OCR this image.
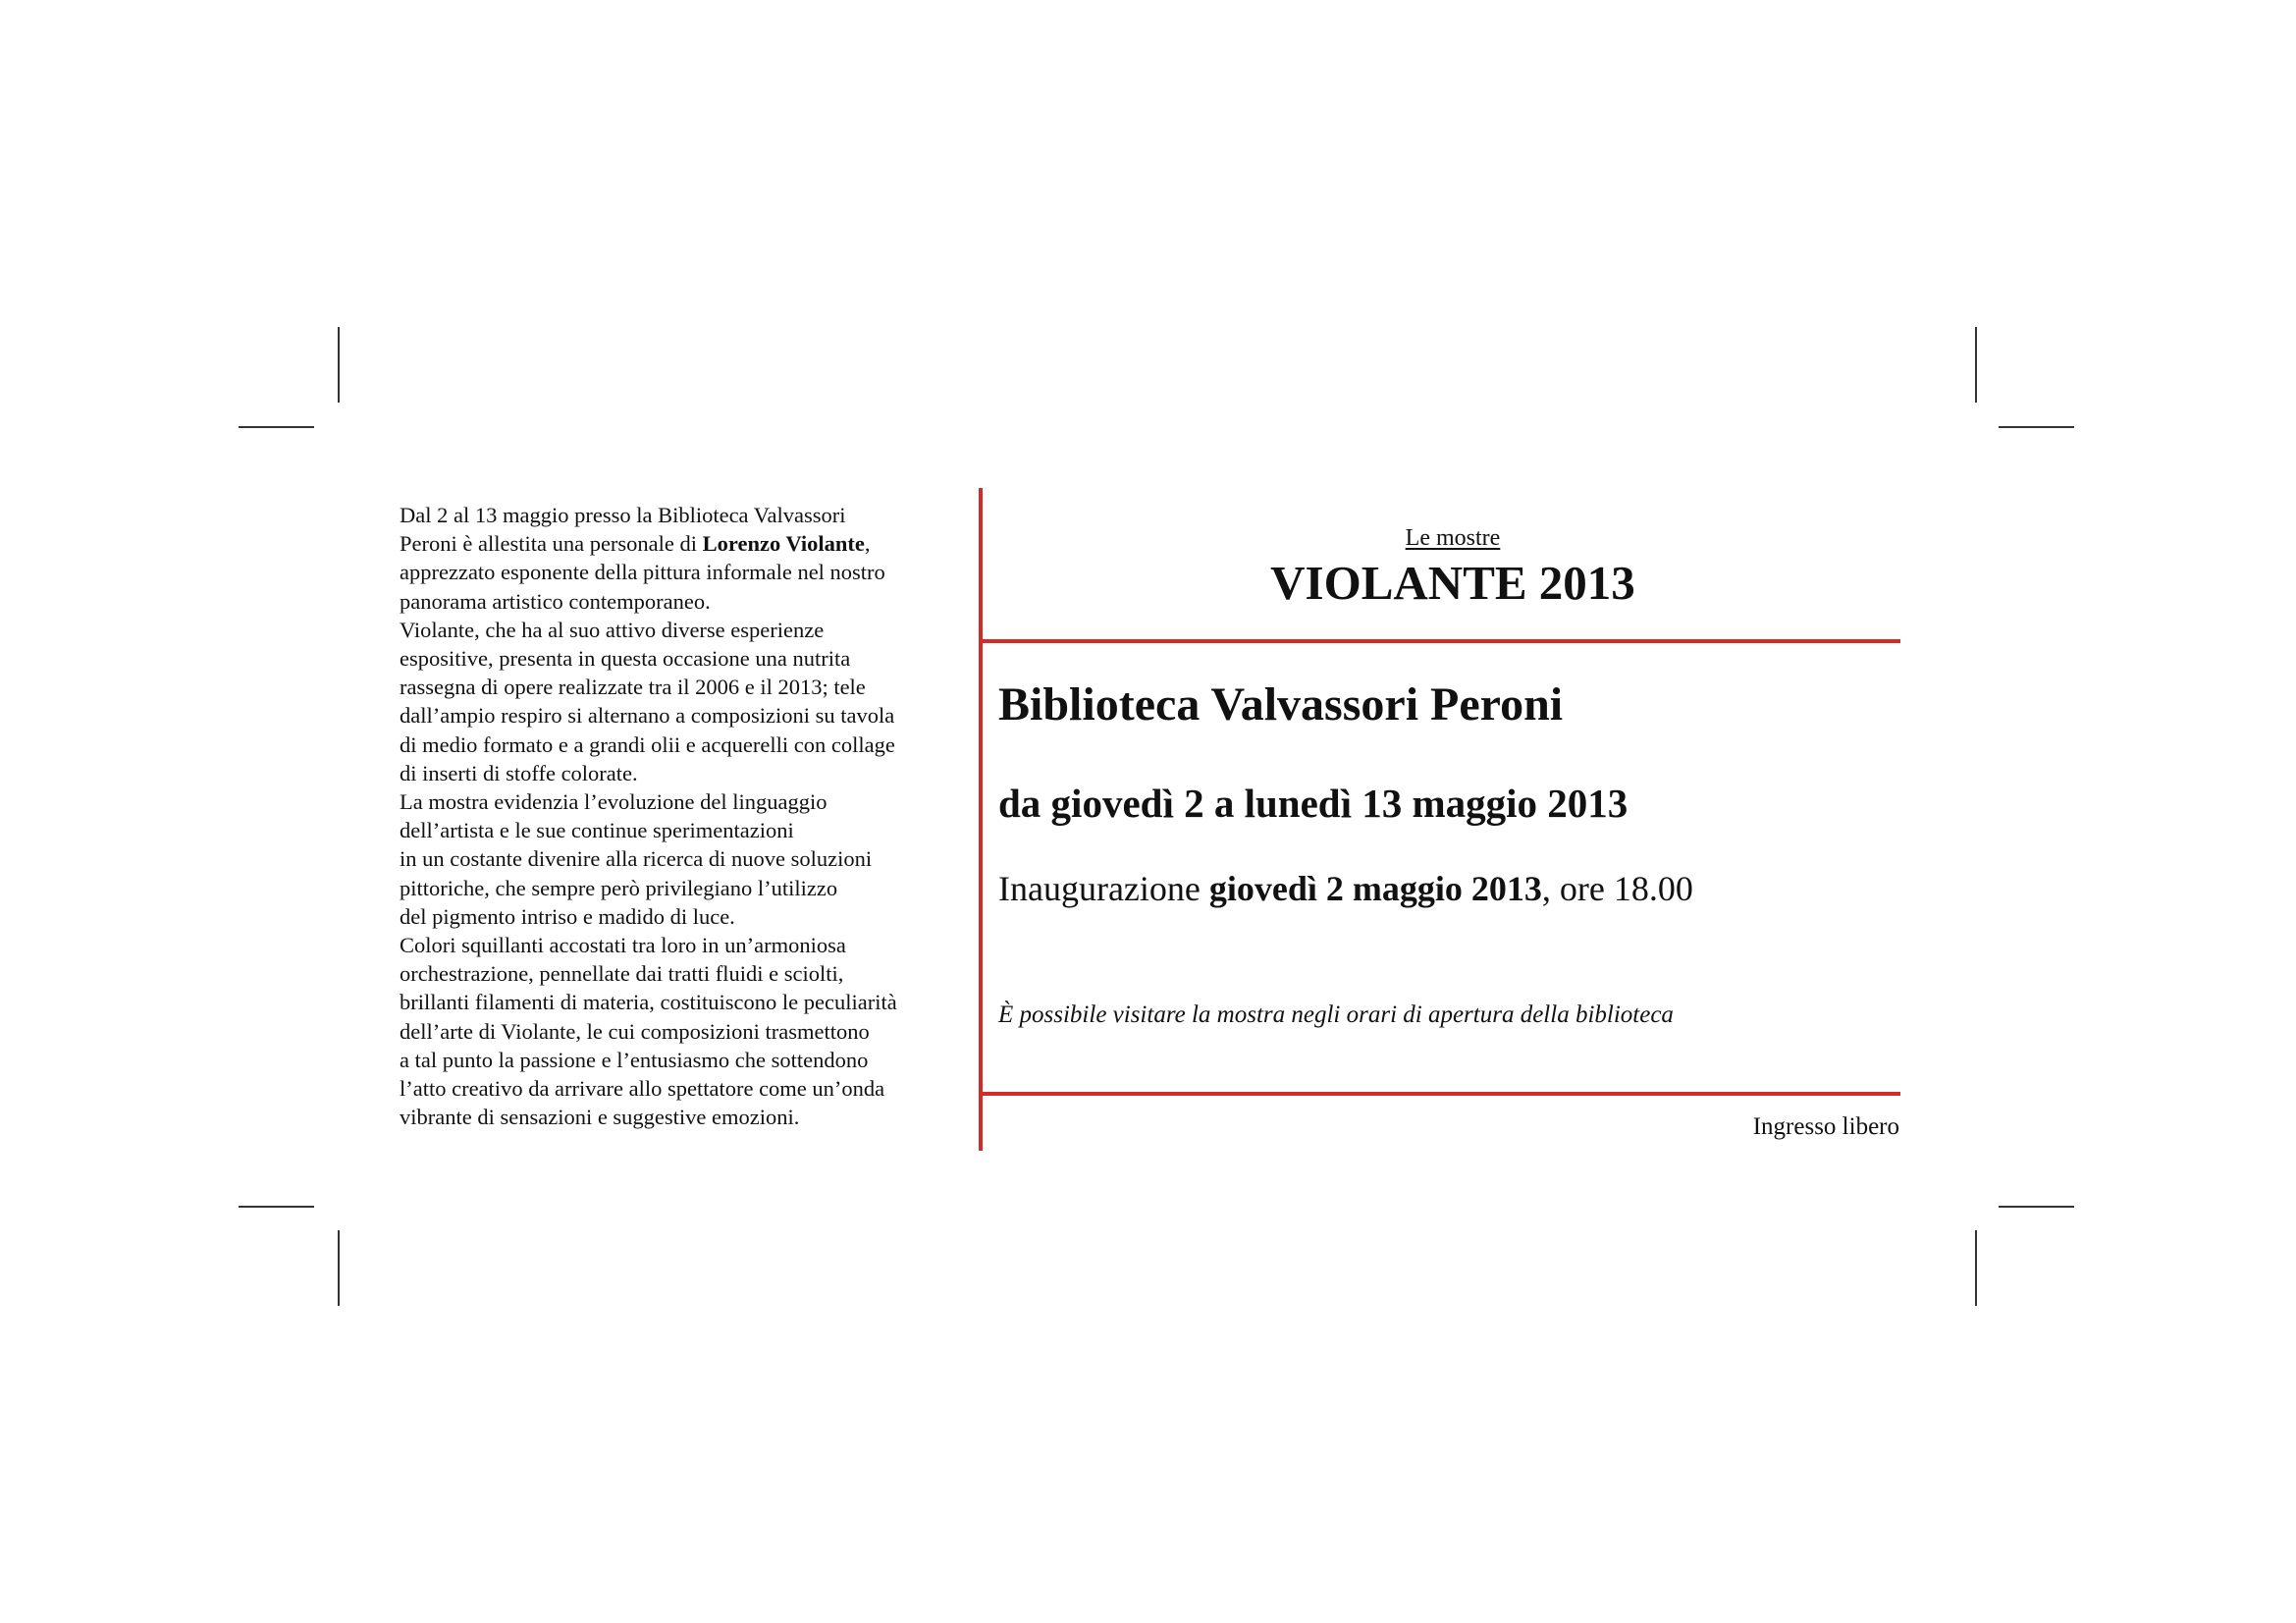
Dal 2 al 13 maggio presso la Biblioteca Valvassori
Peroni è allestita una personale di Lorenzo Violante,
apprezzato esponente della pittura informale nel nostro
panorama artistico contemporaneo.
Violante, che ha al suo attivo diverse esperienze
espositive, presenta in questa occasione una nutrita
rassegna di opere realizzate tra il 2006 e il 2013; tele
dall’ampio respiro si alternano a composizioni su tavola
di medio formato e a grandi olii e acquerelli con collage
di inserti di stoffe colorate.
La mostra evidenzia l’evoluzione del linguaggio
dell’artista e le sue continue sperimentazioni
in un costante divenire alla ricerca di nuove soluzioni
pittoriche, che sempre però privilegiano l’utilizzo
del pigmento intriso e madido di luce.
Colori squillanti accostati tra loro in un’armoniosa
orchestrazione, pennellate dai tratti fluidi e sciolti,
brillanti filamenti di materia, costituiscono le peculiarità
dell’arte di Violante, le cui composizioni trasmettono
a tal punto la passione e l’entusiasmo che sottendono
l’atto creativo da arrivare allo spettatore come un’onda
vibrante di sensazioni e suggestive emozioni.
Le mostre
VIOLANTE 2013
Biblioteca Valvassori Peroni
da giovedì 2 a lunedì 13 maggio 2013
Inaugurazione giovedì 2 maggio 2013, ore 18.00
È possibile visitare la mostra negli orari di apertura della biblioteca
Ingresso libero
